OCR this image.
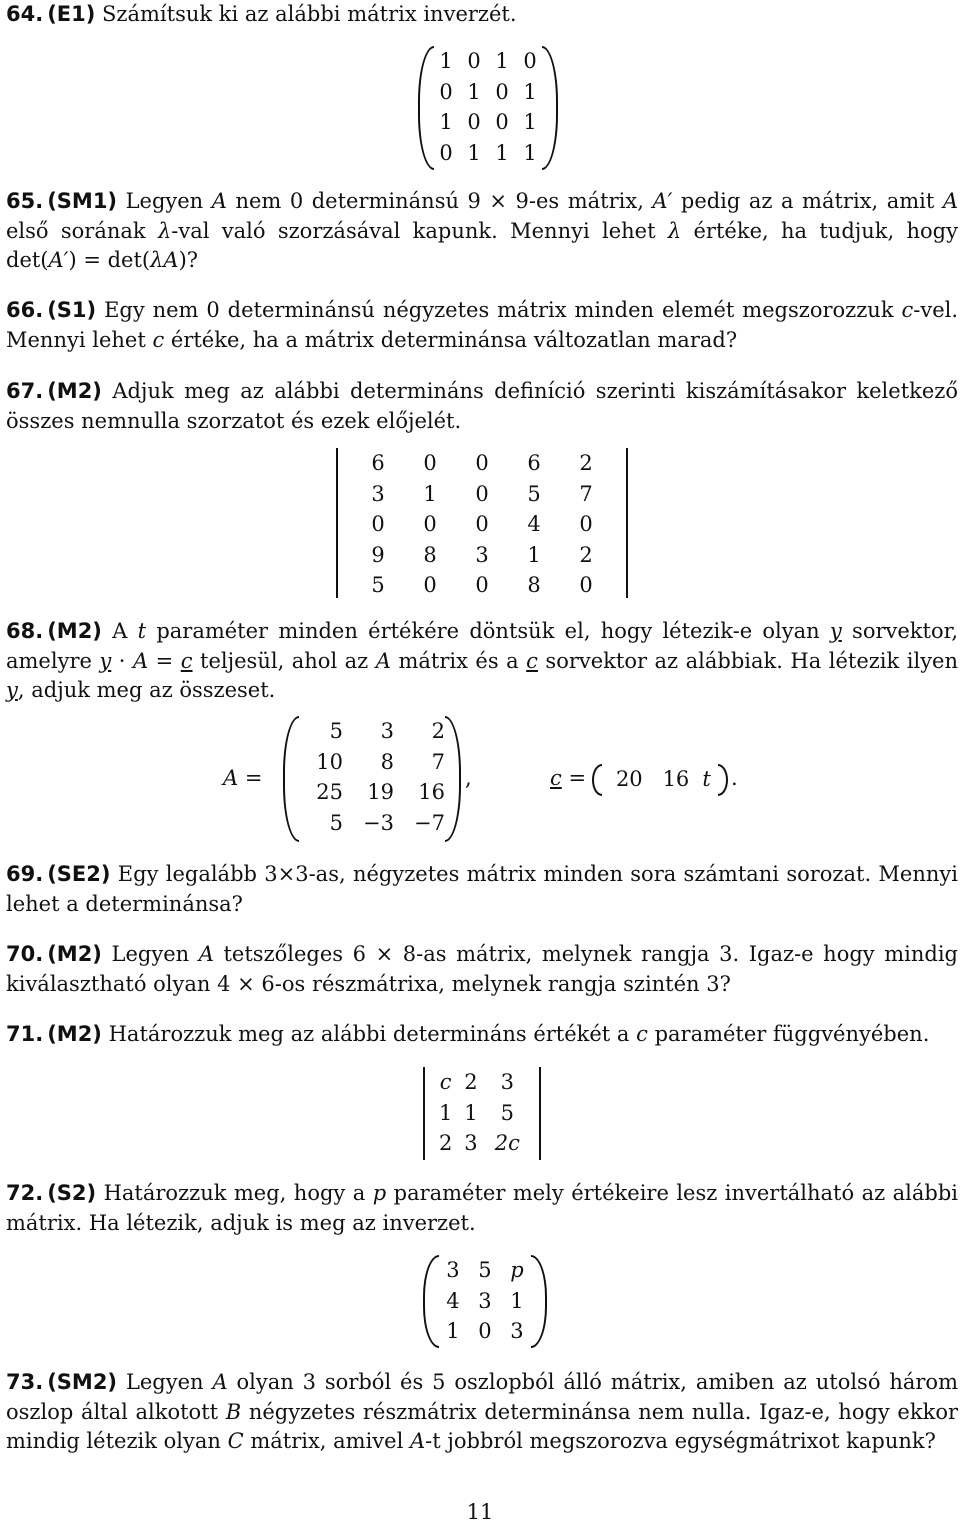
64. (E1) Számítsuk ki az alábbi mátrix inverzét.

1	0	1	0
0	1	0	1
1	0	0	1
0	1	1	1

65. (SM1) Legyen A nem 0 determinánsú 9 × 9-es mátrix, A′ pedig az a mátrix, amit A első sorának λ-val való szorzásával kapunk. Mennyi lehet λ értéke, ha tudjuk, hogy det(A′) = det(λA)?

66. (S1) Egy nem 0 determinánsú négyzetes mátrix minden elemét megszorozzuk c-vel. Mennyi lehet c értéke, ha a mátrix determinánsa változatlan marad?

67. (M2) Adjuk meg az alábbi determináns definíció szerinti kiszámításakor keletkező összes nemnulla szorzatot és ezek előjelét.

6	0	0	6	2
3	1	0	5	7
0	0	0	4	0
9	8	3	1	2
5	0	0	8	0

68. (M2) A t paraméter minden értékére döntsük el, hogy létezik-e olyan y sorvektor, amelyre y · A = c teljesül, ahol az A mátrix és a c sorvektor az alábbiak. Ha létezik ilyen y, adjuk meg az összeset.

A =
5	3	2
10	8	7
25	19	16
5	−3	−7
,	c = 20	16	t .

69. (SE2) Egy legalább 3×3-as, négyzetes mátrix minden sora számtani sorozat. Mennyi lehet a determinánsa?

70. (M2) Legyen A tetszőleges 6 × 8-as mátrix, melynek rangja 3. Igaz-e hogy mindig kiválasztható olyan 4 × 6-os részmátrixa, melynek rangja szintén 3?

71. (M2) Határozzuk meg az alábbi determináns értékét a c paraméter függvényében.

c	2	3
1	1	5
2	3	2c

72. (S2) Határozzuk meg, hogy a p paraméter mely értékeire lesz invertálható az alábbi mátrix. Ha létezik, adjuk is meg az inverzet.

3	5	p
4	3	1
1	0	3

73. (SM2) Legyen A olyan 3 sorból és 5 oszlopból álló mátrix, amiben az utolsó három oszlop által alkotott B négyzetes részmátrix determinánsa nem nulla. Igaz-e, hogy ekkor mindig létezik olyan C mátrix, amivel A-t jobbról megszorozva egységmátrixot kapunk?

11
